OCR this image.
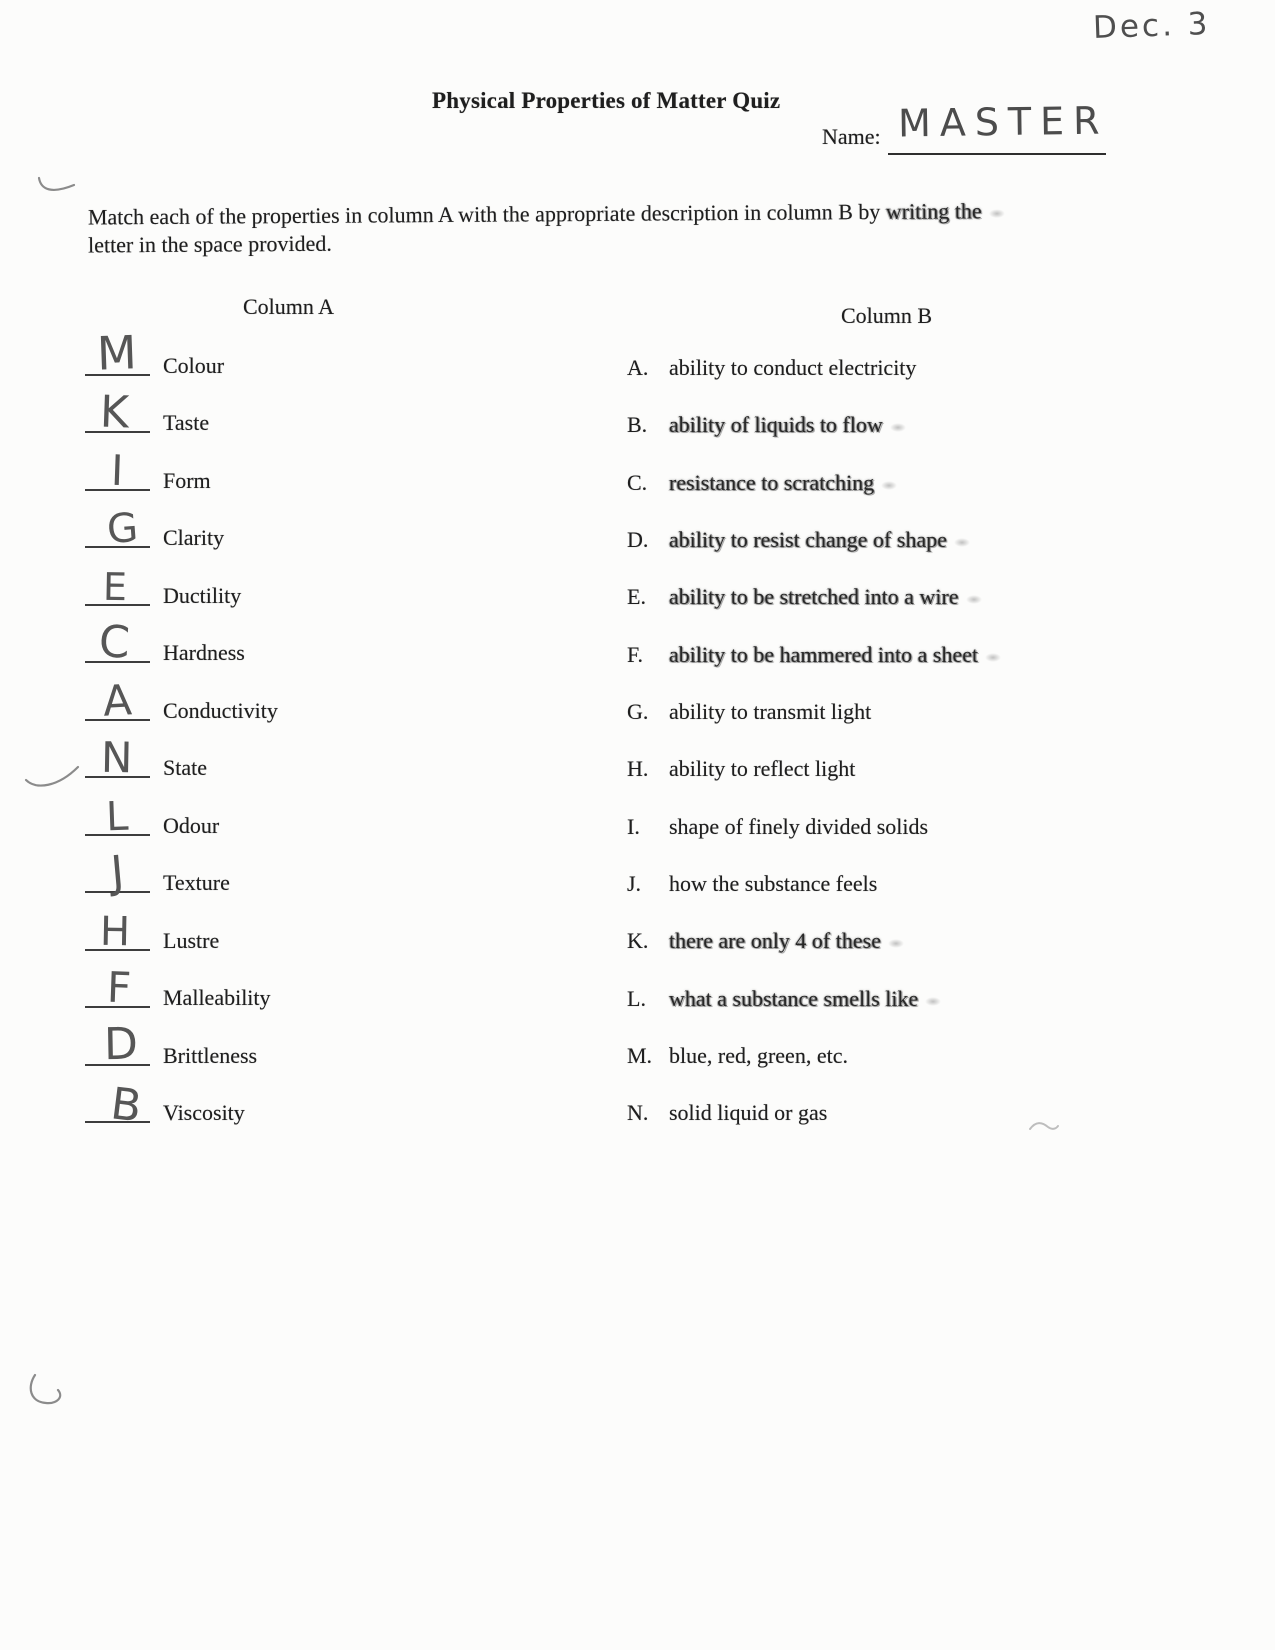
Dec. 3
Physical Properties of Matter Quiz
Name: MASTER

Match each of the properties in column A with the appropriate description in column B by writing the
letter in the space provided.

Column A	Column B
M Colour
K Taste
I Form
G Clarity
E Ductility
C Hardness
A Conductivity
N State
L Odour
J Texture
H Lustre
F Malleability
D Brittleness
B Viscosity
A. ability to conduct electricity
B. ability of liquids to flow
C. resistance to scratching
D. ability to resist change of shape
E.	ability to be stretched into a wire
F.	ability to be hammered into a sheet
G. ability to transmit light
H. ability to reflect light
I.	shape of finely divided solids
J.	how the substance feels
K. there are only 4 of these
L.	what a substance smells like
M. blue, red, green, etc.
N. solid liquid or gas
